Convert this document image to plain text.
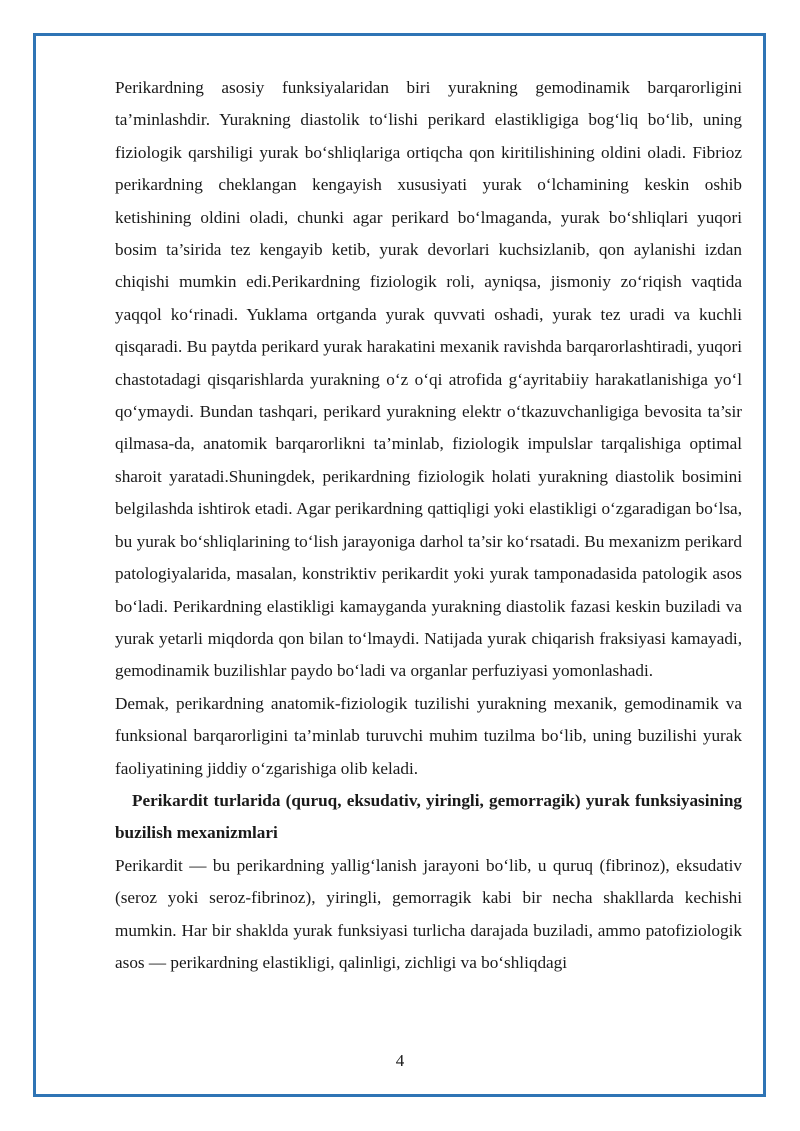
Perikardning asosiy funksiyalaridan biri yurakning gemodinamik barqarorligini ta’minlashdir. Yurakning diastolik to‘lishi perikard elastikligiga bog‘liq bo‘lib, uning fiziologik qarshiligi yurak bo‘shliqlariga ortiqcha qon kiritilishining oldini oladi. Fibrioz perikardning cheklangan kengayish xususiyati yurak o‘lchamining keskin oshib ketishining oldini oladi, chunki agar perikard bo‘lmaganda, yurak bo‘shliqlari yuqori bosim ta’sirida tez kengayib ketib, yurak devorlari kuchsizlanib, qon aylanishi izdan chiqishi mumkin edi.Perikardning fiziologik roli, ayniqsa, jismoniy zo‘riqish vaqtida yaqqol ko‘rinadi. Yuklama ortganda yurak quvvati oshadi, yurak tez uradi va kuchli qisqaradi. Bu paytda perikard yurak harakatini mexanik ravishda barqarorlashtiradi, yuqori chastotadagi qisqarishlarda yurakning o‘z o‘qi atrofida g‘ayritabiiy harakatlanishiga yo‘l qo‘ymaydi. Bundan tashqari, perikard yurakning elektr o‘tkazuvchanligiga bevosita ta’sir qilmasa-da, anatomik barqarorlikni ta’minlab, fiziologik impulslar tarqalishiga optimal sharoit yaratadi.Shuningdek, perikardning fiziologik holati yurakning diastolik bosimini belgilashda ishtirok etadi. Agar perikardning qattiqligi yoki elastikligi o‘zgaradigan bo‘lsa, bu yurak bo‘shliqlarining to‘lish jarayoniga darhol ta’sir ko‘rsatadi. Bu mexanizm perikard patologiyalarida, masalan, konstriktiv perikardit yoki yurak tamponadasida patologik asos bo‘ladi. Perikardning elastikligi kamayganda yurakning diastolik fazasi keskin buziladi va yurak yetarli miqdorda qon bilan to‘lmaydi. Natijada yurak chiqarish fraksiyasi kamayadi, gemodinamik buzilishlar paydo bo‘ladi va organlar perfuziyasi yomonlashadi.

Demak, perikardning anatomik-fiziologik tuzilishi yurakning mexanik, gemodinamik va funksional barqarorligini ta’minlab turuvchi muhim tuzilma bo‘lib, uning buzilishi yurak faoliyatining jiddiy o‘zgarishiga olib keladi.

Perikardit turlarida (quruq, eksudativ, yiringli, gemorragik) yurak funksiyasining buzilish mexanizmlari

Perikardit — bu perikardning yallig‘lanish jarayoni bo‘lib, u quruq (fibrinoz), eksudativ (seroz yoki seroz-fibrinoz), yiringli, gemorragik kabi bir necha shakllarda kechishi mumkin. Har bir shaklda yurak funksiyasi turlicha darajada buziladi, ammo patofiziologik asos — perikardning elastikligi, qalinligi, zichligi va bo‘shliqdagi

4
